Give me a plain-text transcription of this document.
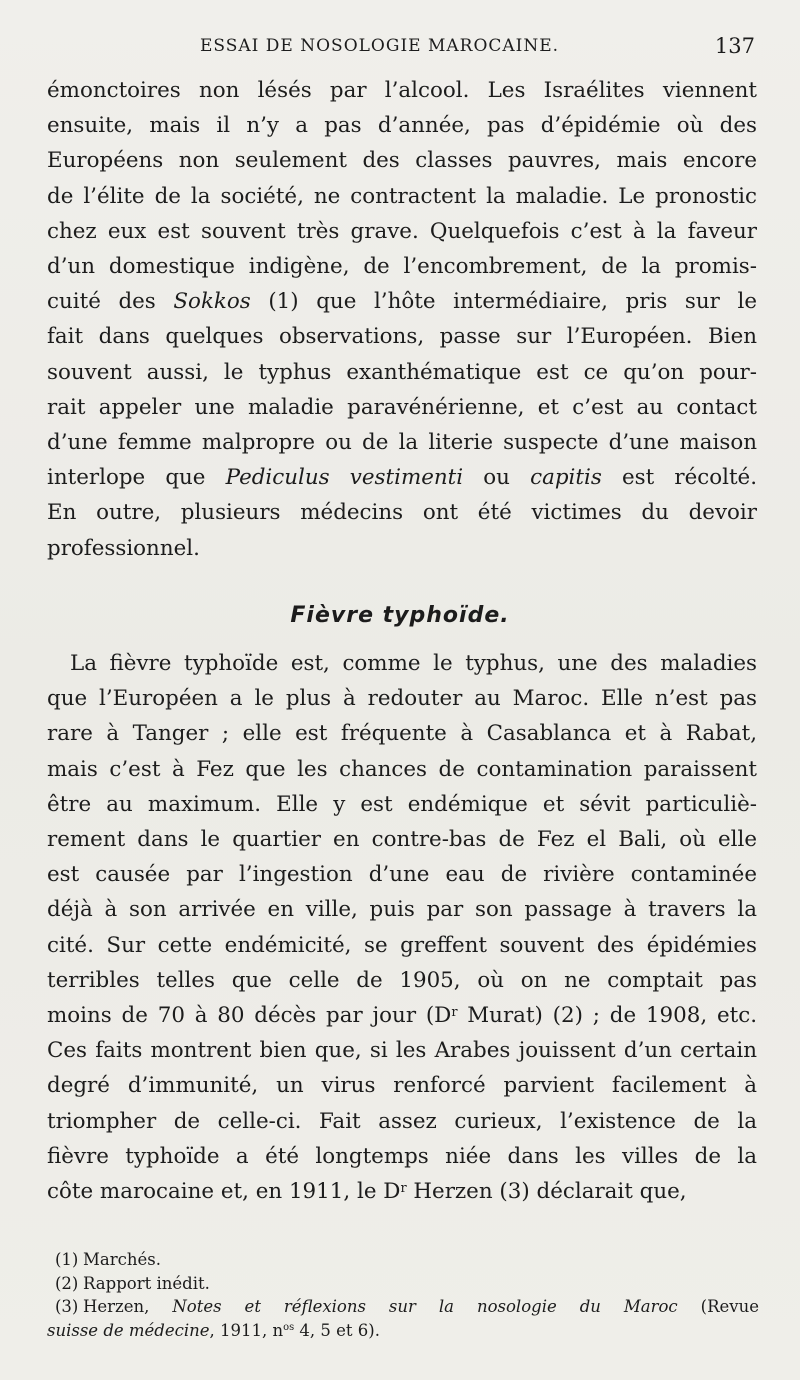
ESSAI DE NOSOLOGIE MAROCAINE.	137

émonctoires non lésés par l’alcool. Les Israélites viennent
ensuite, mais il n’y a pas d’année, pas d’épidémie où des
Européens non seulement des classes pauvres, mais encore
de l’élite de la société, ne contractent la maladie. Le pronostic
chez eux est souvent très grave. Quelquefois c’est à la faveur
d’un domestique indigène, de l’encombrement, de la promis-
cuité des Sokkos (1) que l’hôte intermédiaire, pris sur le
fait dans quelques observations, passe sur l’Européen. Bien
souvent aussi, le typhus exanthématique est ce qu’on pour-
rait appeler une maladie paravénérienne, et c’est au contact
d’une femme malpropre ou de la literie suspecte d’une maison
interlope que Pediculus vestimenti ou capitis est récolté.
En outre, plusieurs médecins ont été victimes du devoir
professionnel.

Fièvre typhoïde.

La fièvre typhoïde est, comme le typhus, une des maladies
que l’Européen a le plus à redouter au Maroc. Elle n’est pas
rare à Tanger ; elle est fréquente à Casablanca et à Rabat,
mais c’est à Fez que les chances de contamination paraissent
être au maximum. Elle y est endémique et sévit particuliè-
rement dans le quartier en contre-bas de Fez el Bali, où elle
est causée par l’ingestion d’une eau de rivière contaminée
déjà à son arrivée en ville, puis par son passage à travers la
cité. Sur cette endémicité, se greffent souvent des épidémies
terribles telles que celle de 1905, où on ne comptait pas
moins de 70 à 80 décès par jour ($D^r$ Murat) (2) ; de 1908, etc.
Ces faits montrent bien que, si les Arabes jouissent d’un certain
degré d’immunité, un virus renforcé parvient facilement à
triompher de celle-ci. Fait assez curieux, l’existence de la
fièvre typhoïde a été longtemps niée dans les villes de la
côte marocaine et, en 1911, le $D^r$ Herzen (3) déclarait que,

(1) Marchés.
(2) Rapport inédit.
(3) Herzen, Notes et réflexions sur la nosologie du Maroc (Revue
suisse de médecine, 1911, $n^{os}$ 4, 5 et 6).
